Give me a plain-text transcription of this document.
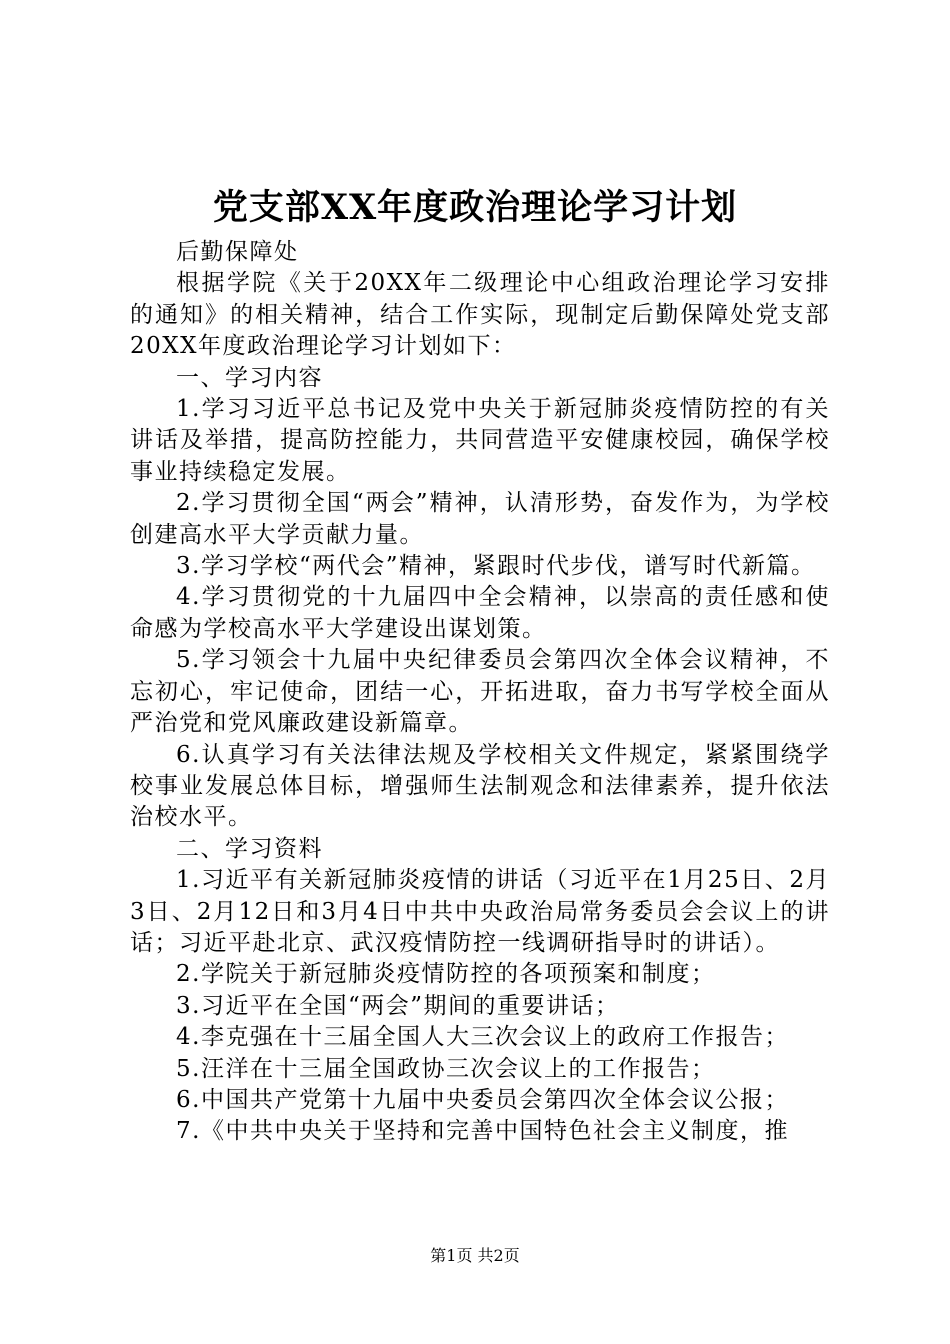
党支部XX年度政治理论学习计划

后勤保障处

根据学院《关于20XX年二级理论中心组政治理论学习安排的通知》的相关精神，结合工作实际，现制定后勤保障处党支部20XX年度政治理论学习计划如下：

一、学习内容

1.学习习近平总书记及党中央关于新冠肺炎疫情防控的有关讲话及举措，提高防控能力，共同营造平安健康校园，确保学校事业持续稳定发展。

2.学习贯彻全国“两会”精神，认清形势，奋发作为，为学校创建高水平大学贡献力量。

3.学习学校“两代会”精神，紧跟时代步伐，谱写时代新篇。

4.学习贯彻党的十九届四中全会精神，以崇高的责任感和使命感为学校高水平大学建设出谋划策。

5.学习领会十九届中央纪律委员会第四次全体会议精神，不忘初心，牢记使命，团结一心，开拓进取，奋力书写学校全面从严治党和党风廉政建设新篇章。

6.认真学习有关法律法规及学校相关文件规定，紧紧围绕学校事业发展总体目标，增强师生法制观念和法律素养，提升依法治校水平。

二、学习资料

1.习近平有关新冠肺炎疫情的讲话（习近平在1月25日、2月3日、2月12日和3月4日中共中央政治局常务委员会会议上的讲话；习近平赴北京、武汉疫情防控一线调研指导时的讲话）。

2.学院关于新冠肺炎疫情防控的各项预案和制度；

3.习近平在全国“两会”期间的重要讲话；

4.李克强在十三届全国人大三次会议上的政府工作报告；

5.汪洋在十三届全国政协三次会议上的工作报告；

6.中国共产党第十九届中央委员会第四次全体会议公报；

7.《中共中央关于坚持和完善中国特色社会主义制度，推

第1页 共2页
